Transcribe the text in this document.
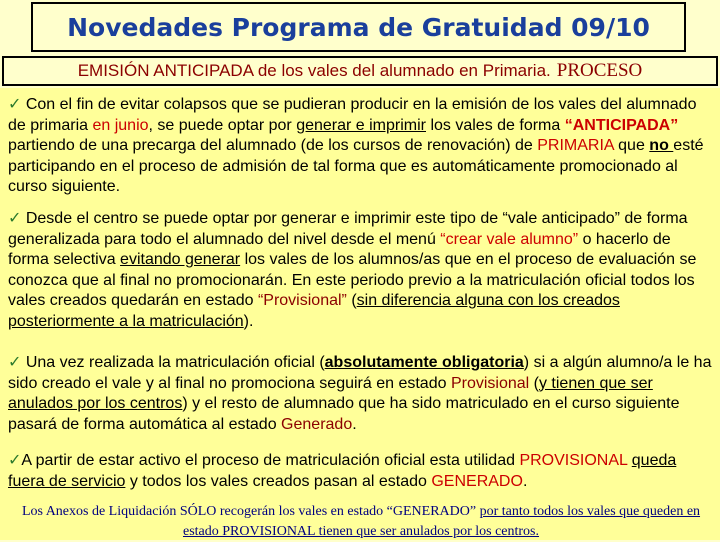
Novedades Programa de Gratuidad 09/10
EMISIÓN ANTICIPADA de los vales del alumnado en Primaria. PROCESO
✓ Con el fin de evitar colapsos que se pudieran producir en la emisión de los vales del alumnado de primaria en junio, se puede optar por generar e imprimir los vales de forma “ANTICIPADA” partiendo de una precarga del alumnado (de los cursos de renovación) de PRIMARIA que no esté participando en el proceso de admisión de tal forma que es automáticamente promocionado al curso siguiente.
✓ Desde el centro se puede optar por generar e imprimir este tipo de “vale anticipado” de forma generalizada para todo el alumnado del nivel desde el menú “crear vale alumno” o hacerlo de forma selectiva evitando generar los vales de los alumnos/as que en el proceso de evaluación se conozca que al final no promocionarán. En este periodo previo a la matriculación oficial todos los vales creados quedarán en estado “Provisional” (sin diferencia alguna con los creados posteriormente a la matriculación).
✓ Una vez realizada la matriculación oficial (absolutamente obligatoria) si a algún alumno/a le ha sido creado el vale y al final no promociona seguirá en estado Provisional (y tienen que ser anulados por los centros) y el resto de alumnado que ha sido matriculado en el curso siguiente pasará de forma automática al estado Generado.
✓A partir de estar activo el proceso de matriculación oficial esta utilidad PROVISIONAL queda fuera de servicio y todos los vales creados pasan al estado GENERADO.
Los Anexos de Liquidación SÓLO recogerán los vales en estado “GENERADO” por tanto todos los vales que queden en estado PROVISIONAL tienen que ser anulados por los centros.
